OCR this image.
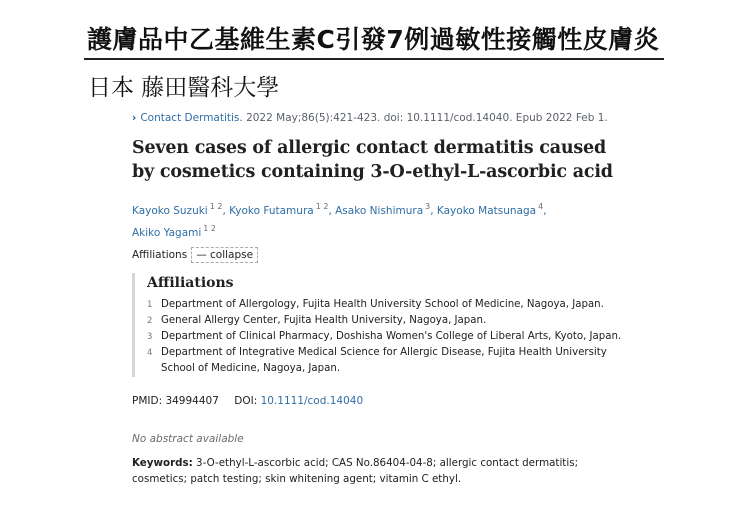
護膚品中乙基維生素C引發7例過敏性接觸性皮膚炎
日本 藤田醫科大學
› Contact Dermatitis. 2022 May;86(5):421-423. doi: 10.1111/cod.14040. Epub 2022 Feb 1.
Seven cases of allergic contact dermatitis caused by cosmetics containing 3-O-ethyl-L-ascorbic acid
Kayoko Suzuki $^{1 2}$, Kyoko Futamura $^{1 2}$, Asako Nishimura $^3$, Kayoko Matsunaga $^4$,
Akiko Yagami $^{1 2}$
Affiliations — collapse
Affiliations
1 Department of Allergology, Fujita Health University School of Medicine, Nagoya, Japan.
2 General Allergy Center, Fujita Health University, Nagoya, Japan.
3 Department of Clinical Pharmacy, Doshisha Women's College of Liberal Arts, Kyoto, Japan.
4 Department of Integrative Medical Science for Allergic Disease, Fujita Health University School of Medicine, Nagoya, Japan.
PMID: 34994407 DOI: 10.1111/cod.14040
No abstract available
Keywords: 3-O-ethyl-L-ascorbic acid; CAS No.86404-04-8; allergic contact dermatitis; cosmetics; patch testing; skin whitening agent; vitamin C ethyl.
